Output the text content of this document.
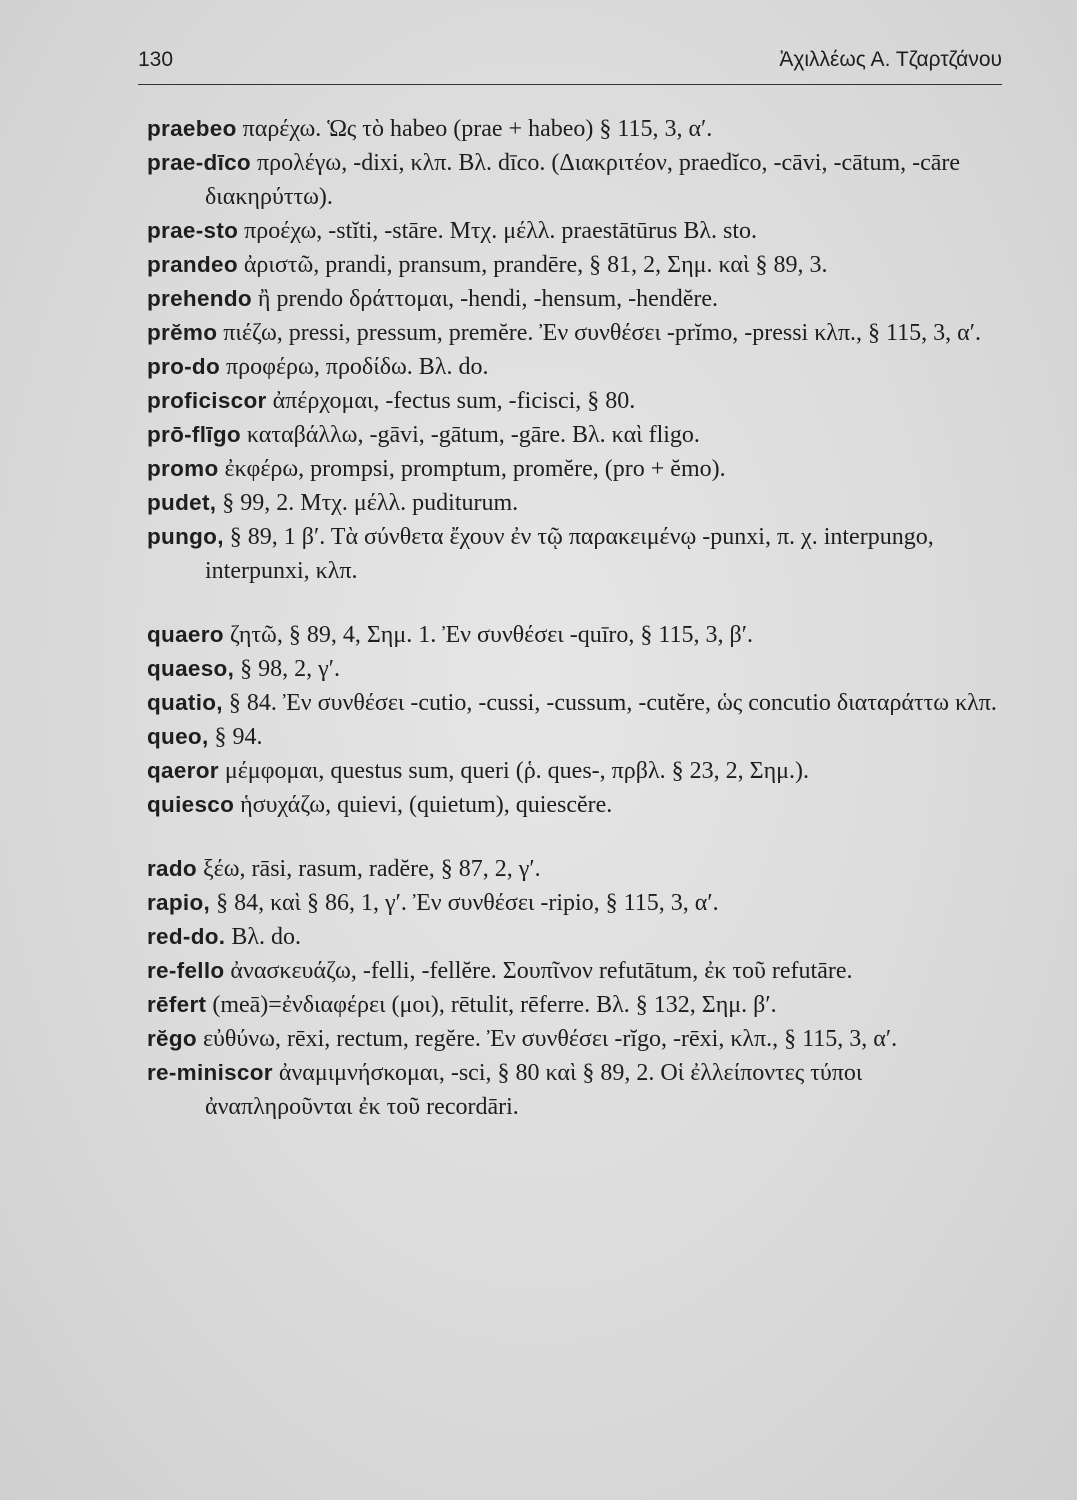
130	Ἀχιλλέως Α. Τζαρτζάνου

praebeo παρέχω. Ὡς τὸ habeo (prae + habeo) § 115, 3, α′.

prae-dīco προλέγω, -dixi, κλπ. Βλ. dīco. (Διακριτέον, praedĭco, -cāvi, -cātum, -cāre διακηρύττω).

prae-sto προέχω, -stĭti, -stāre. Μτχ. μέλλ. praestātūrus Βλ. sto.

prandeo ἀριστῶ, prandi, pransum, prandēre, § 81, 2, Σημ. καὶ § 89, 3.

prehendo ἢ prendo δράττομαι, -hendi, -hensum, -hendĕre.

prĕmo πιέζω, pressi, pressum, premĕre. Ἐν συνθέσει -prĭmo, -pressi κλπ., § 115, 3, α′.

pro-do προφέρω, προδίδω. Βλ. do.

proficiscor ἀπέρχομαι, -fectus sum, -ficisci, § 80.

prō-flīgo καταβάλλω, -gāvi, -gātum, -gāre. Βλ. καὶ fligo.

promo ἐκφέρω, prompsi, promptum, promĕre, (pro + ĕmo).

pudet, § 99, 2. Μτχ. μέλλ. puditurum.

pungo, § 89, 1 β′. Τὰ σύνθετα ἔχουν ἐν τῷ παρακειμένῳ -punxi, π. χ. interpungo, interpunxi, κλπ.

quaero ζητῶ, § 89, 4, Σημ. 1. Ἐν συνθέσει -quīro, § 115, 3, β′.

quaeso, § 98, 2, γ′.

quatio, § 84. Ἐν συνθέσει -cutio, -cussi, -cussum, -cutĕre, ὡς concutio διαταράττω κλπ.

queo, § 94.

qaeror μέμφομαι, questus sum, queri (ῥ. ques-, πρβλ. § 23, 2, Σημ.).

quiesco ἡσυχάζω, quievi, (quietum), quiescĕre.

rado ξέω, rāsi, rasum, radĕre, § 87, 2, γ′.

rapio, § 84, καὶ § 86, 1, γ′. Ἐν συνθέσει -ripio, § 115, 3, α′.

red-do. Βλ. do.

re-fello ἀνασκευάζω, -felli, -fellĕre. Σουπῖνον refutātum, ἐκ τοῦ refutāre.

rēfert (meā)=ἐνδιαφέρει (μοι), rētulit, rēferre. Βλ. § 132, Σημ. β′.

rĕgo εὐθύνω, rēxi, rectum, regĕre. Ἐν συνθέσει -rĭgo, -rēxi, κλπ., § 115, 3, α′.

re-miniscor ἀναμιμνήσκομαι, -sci, § 80 καὶ § 89, 2. Οἱ ἐλλείποντες τύποι ἀναπληροῦνται ἐκ τοῦ recordāri.
